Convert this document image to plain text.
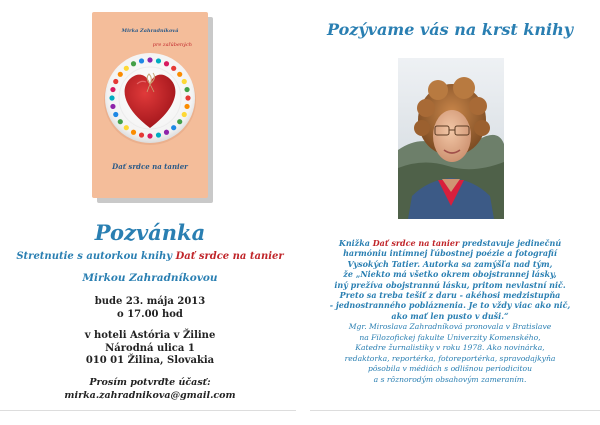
Mirka Zahradníková
pre zaľúbených
Dať srdce na tanier
Pozvánka
Stretnutie s autorkou knihy Dať srdce na tanier
Mirkou Zahradníkovou
bude 23. mája 2013
o 17.00 hod
v hoteli Astória v Žiline
Národná ulica 1
010 01 Žilina, Slovakia
Prosím potvrďte účasť:
mirka.zahradnikova@gmail.com
Pozývame vás na krst knihy
Knižka Dať srdce na tanier predstavuje jedinečnú
harmóniu intímnej ľúbostnej poézie a fotografií
Vysokých Tatier. Autorka sa zamýšľa nad tým,
že „Niekto má všetko okrem obojstrannej lásky,
iný prežíva obojstrannú lásku, pritom nevlastní nič.
Preto sa treba tešiť z daru - akéhosi medzistupňa
- jednostranného pobláznenia. Je to vždy viac ako nič,
ako mať len pusto v duši.“
Mgr. Miroslava Zahradníková pronovala v Bratislave
na Filozofickej fakulte Univerzity Komenského,
Katedre žurnalistiky v roku 1978. Ako novinárka,
redaktorka, reportérka, fotoreportérka, spravodajkyňa
pôsobila v médiách s odlišnou periodicitou
a s rôznorodým obsahovým zameraním.
